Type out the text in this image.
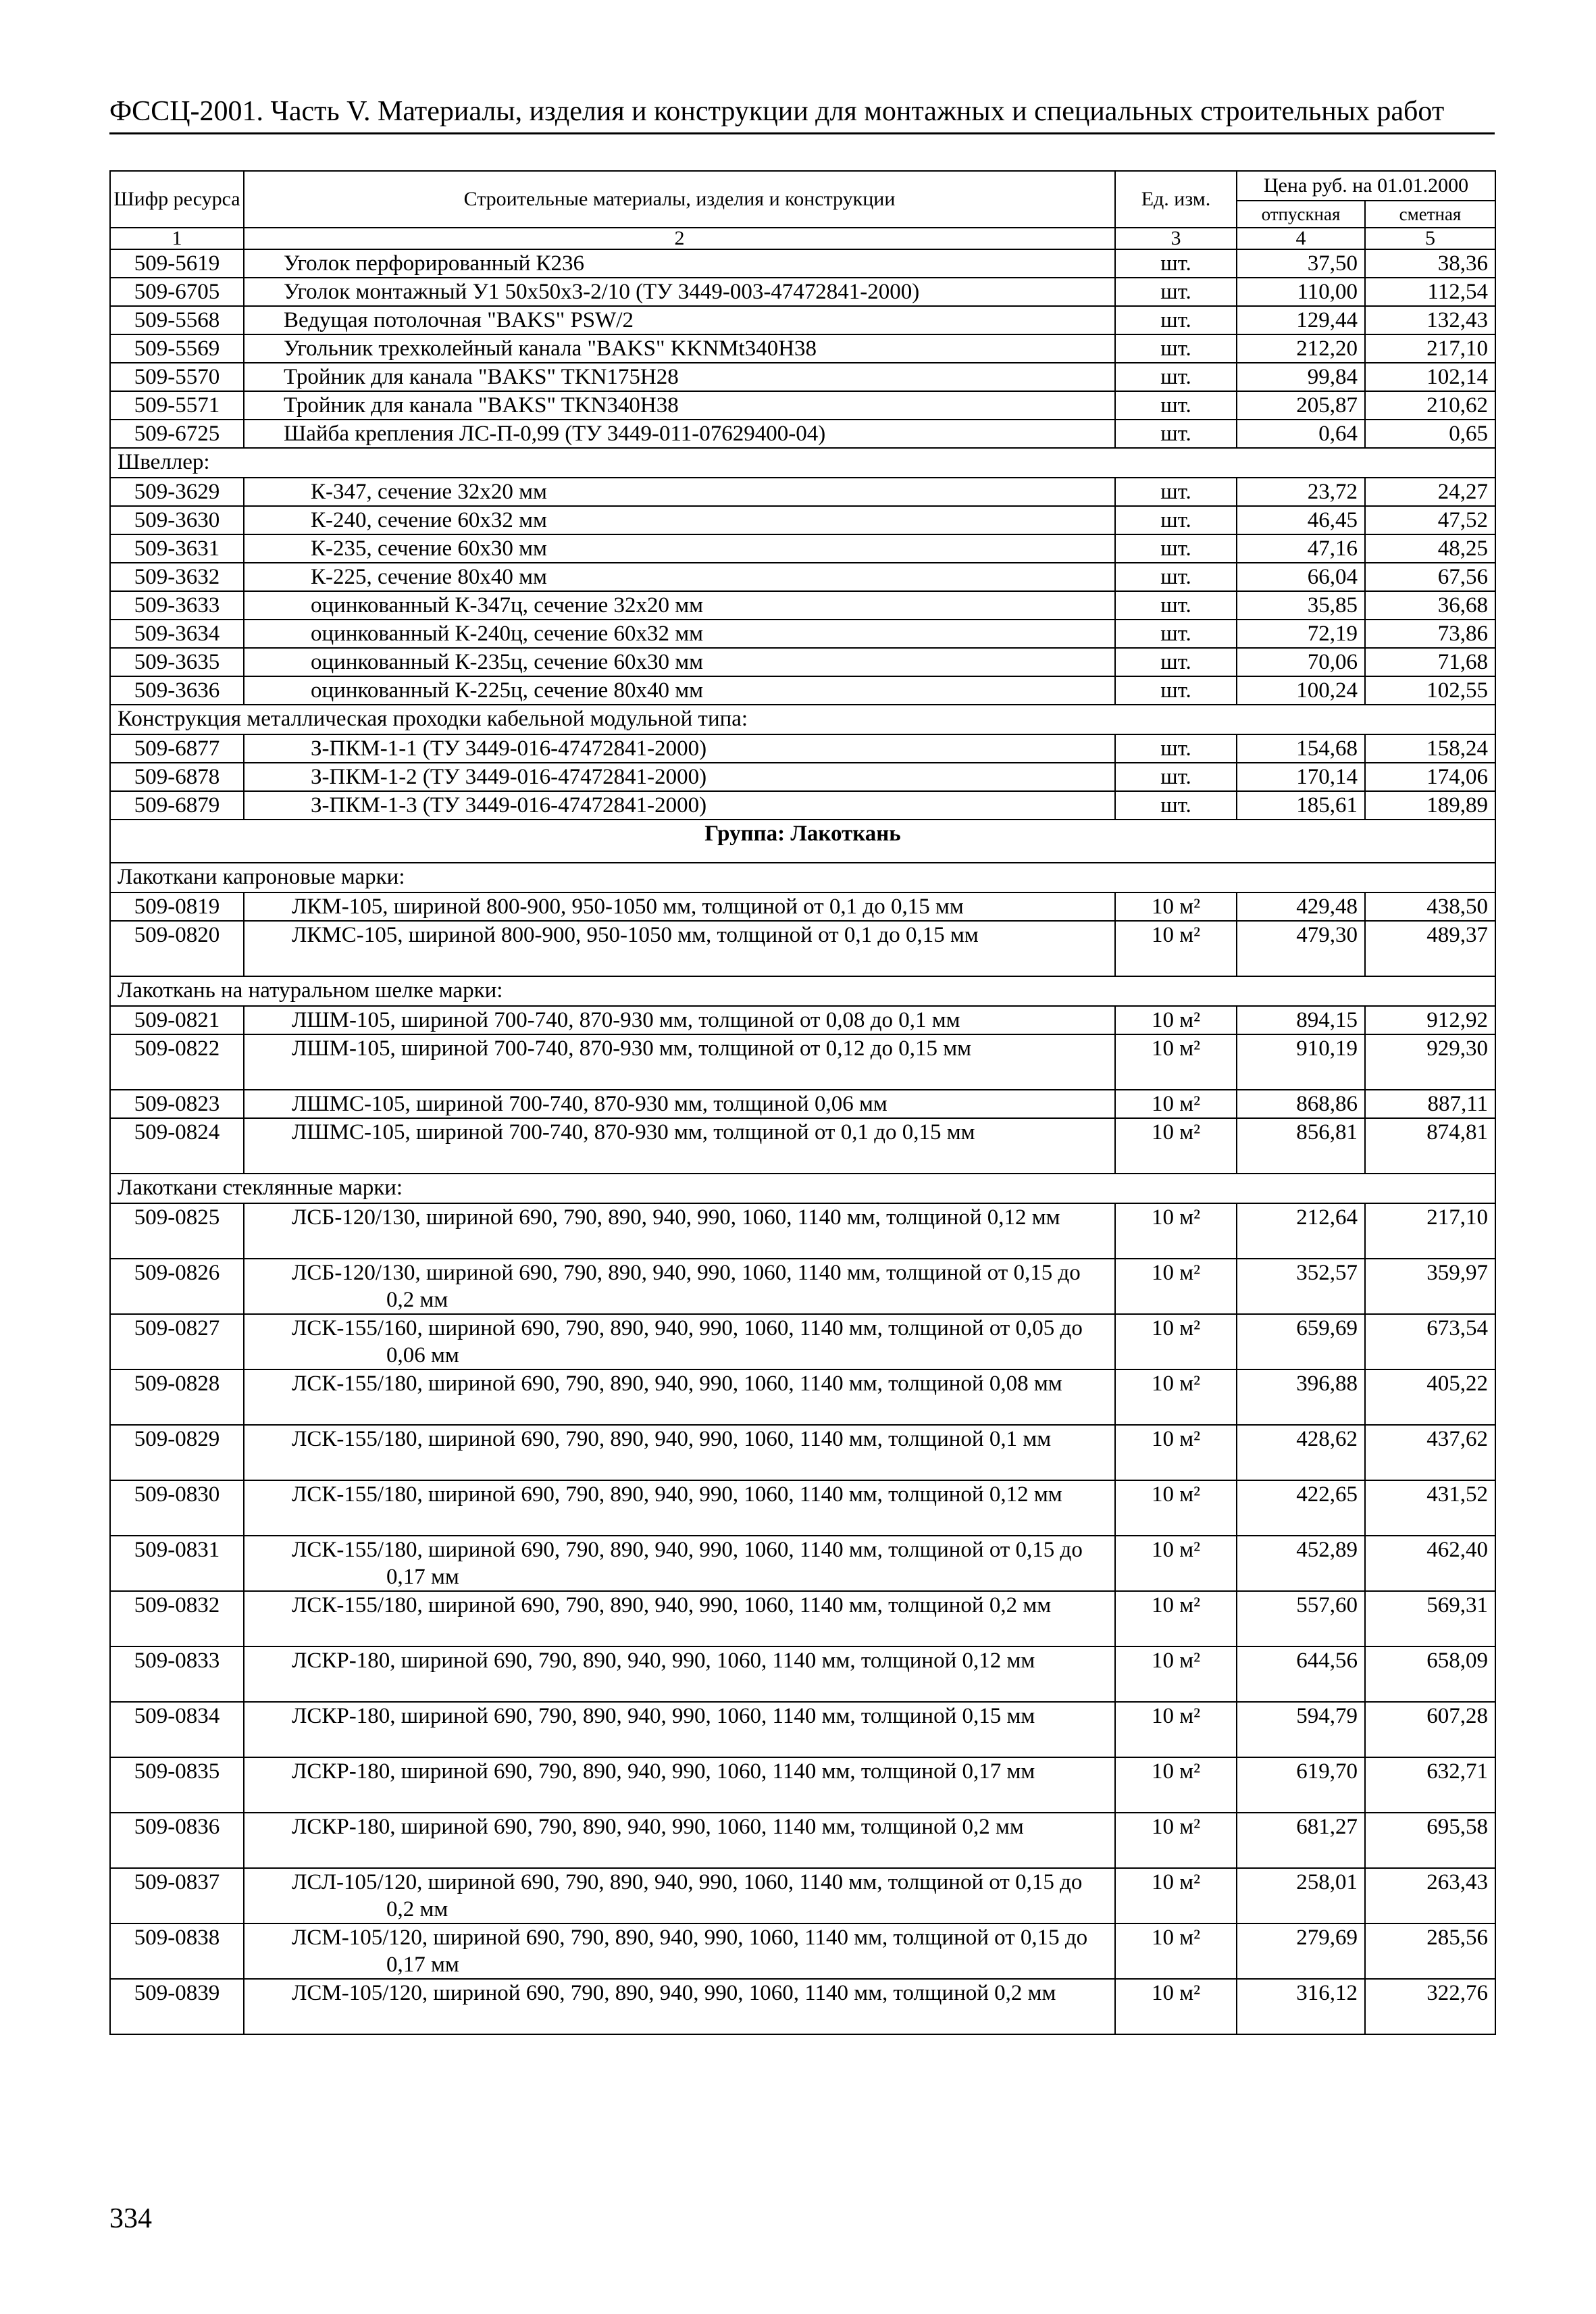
ФССЦ-2001. Часть V. Материалы, изделия и конструкции для монтажных и специальных строительных работ
Шифр ресурса	Строительные материалы, изделия и конструкции	Ед. изм.	Цена руб. на 01.01.2000	
			отпускная	сметная
1	2	3	4	5
509-5619	Уголок перфорированный К236	шт.	37,50	38,36
509-6705	Уголок монтажный У1 50x50x3-2/10 (ТУ 3449-003-47472841-2000)	шт.	110,00	112,54
509-5568	Ведущая потолочная "BAKS" PSW/2	шт.	129,44	132,43
509-5569	Угольник трехколейный канала "BAKS" KKNMt340H38	шт.	212,20	217,10
509-5570	Тройник для канала "BAKS" TKN175H28	шт.	99,84	102,14
509-5571	Тройник для канала "BAKS" TKN340H38	шт.	205,87	210,62
509-6725	Шайба крепления ЛС-П-0,99 (ТУ 3449-011-07629400-04)	шт.	0,64	0,65
Швеллер:				
509-3629	К-347, сечение 32x20 мм	шт.	23,72	24,27
509-3630	К-240, сечение 60x32 мм	шт.	46,45	47,52
509-3631	К-235, сечение 60x30 мм	шт.	47,16	48,25
509-3632	К-225, сечение 80x40 мм	шт.	66,04	67,56
509-3633	оцинкованный К-347ц, сечение 32x20 мм	шт.	35,85	36,68
509-3634	оцинкованный К-240ц, сечение 60x32 мм	шт.	72,19	73,86
509-3635	оцинкованный К-235ц, сечение 60x30 мм	шт.	70,06	71,68
509-3636	оцинкованный К-225ц, сечение 80x40 мм	шт.	100,24	102,55
Конструкция металлическая проходки кабельной модульной типа:				
509-6877	З-ПКМ-1-1 (ТУ 3449-016-47472841-2000)	шт.	154,68	158,24
509-6878	З-ПКМ-1-2 (ТУ 3449-016-47472841-2000)	шт.	170,14	174,06
509-6879	З-ПКМ-1-3 (ТУ 3449-016-47472841-2000)	шт.	185,61	189,89
Группа: Лакоткань				
Лакоткани капроновые марки:				
509-0819	ЛКМ-105, шириной 800-900, 950-1050 мм, толщиной от 0,1 до 0,15 мм	10 м²	429,48	438,50
509-0820	ЛКМС-105, шириной 800-900, 950-1050 мм, толщиной от 0,1 до 0,15 мм	10 м²	479,30	489,37
Лакоткань на натуральном шелке марки:				
509-0821	ЛШМ-105, шириной 700-740, 870-930 мм, толщиной от 0,08 до 0,1 мм	10 м²	894,15	912,92
509-0822	ЛШМ-105, шириной 700-740, 870-930 мм, толщиной от 0,12 до 0,15 мм	10 м²	910,19	929,30
509-0823	ЛШМС-105, шириной 700-740, 870-930 мм, толщиной 0,06 мм	10 м²	868,86	887,11
509-0824	ЛШМС-105, шириной 700-740, 870-930 мм, толщиной от 0,1 до 0,15 мм	10 м²	856,81	874,81
Лакоткани стеклянные марки:				
509-0825	ЛСБ-120/130, шириной 690, 790, 890, 940, 990, 1060, 1140 мм, толщиной 0,12 мм	10 м²	212,64	217,10
509-0826	ЛСБ-120/130, шириной 690, 790, 890, 940, 990, 1060, 1140 мм, толщиной от 0,15 до 0,2 мм	10 м²	352,57	359,97
509-0827	ЛСК-155/160, шириной 690, 790, 890, 940, 990, 1060, 1140 мм, толщиной от 0,05 до 0,06 мм	10 м²	659,69	673,54
509-0828	ЛСК-155/180, шириной 690, 790, 890, 940, 990, 1060, 1140 мм, толщиной 0,08 мм	10 м²	396,88	405,22
509-0829	ЛСК-155/180, шириной 690, 790, 890, 940, 990, 1060, 1140 мм, толщиной 0,1 мм	10 м²	428,62	437,62
509-0830	ЛСК-155/180, шириной 690, 790, 890, 940, 990, 1060, 1140 мм, толщиной 0,12 мм	10 м²	422,65	431,52
509-0831	ЛСК-155/180, шириной 690, 790, 890, 940, 990, 1060, 1140 мм, толщиной от 0,15 до 0,17 мм	10 м²	452,89	462,40
509-0832	ЛСК-155/180, шириной 690, 790, 890, 940, 990, 1060, 1140 мм, толщиной 0,2 мм	10 м²	557,60	569,31
509-0833	ЛСКР-180, шириной 690, 790, 890, 940, 990, 1060, 1140 мм, толщиной 0,12 мм	10 м²	644,56	658,09
509-0834	ЛСКР-180, шириной 690, 790, 890, 940, 990, 1060, 1140 мм, толщиной 0,15 мм	10 м²	594,79	607,28
509-0835	ЛСКР-180, шириной 690, 790, 890, 940, 990, 1060, 1140 мм, толщиной 0,17 мм	10 м²	619,70	632,71
509-0836	ЛСКР-180, шириной 690, 790, 890, 940, 990, 1060, 1140 мм, толщиной 0,2 мм	10 м²	681,27	695,58
509-0837	ЛСЛ-105/120, шириной 690, 790, 890, 940, 990, 1060, 1140 мм, толщиной от 0,15 до 0,2 мм	10 м²	258,01	263,43
509-0838	ЛСМ-105/120, шириной 690, 790, 890, 940, 990, 1060, 1140 мм, толщиной от 0,15 до 0,17 мм	10 м²	279,69	285,56
509-0839	ЛСМ-105/120, шириной 690, 790, 890, 940, 990, 1060, 1140 мм, толщиной 0,2 мм	10 м²	316,12	322,76
334
